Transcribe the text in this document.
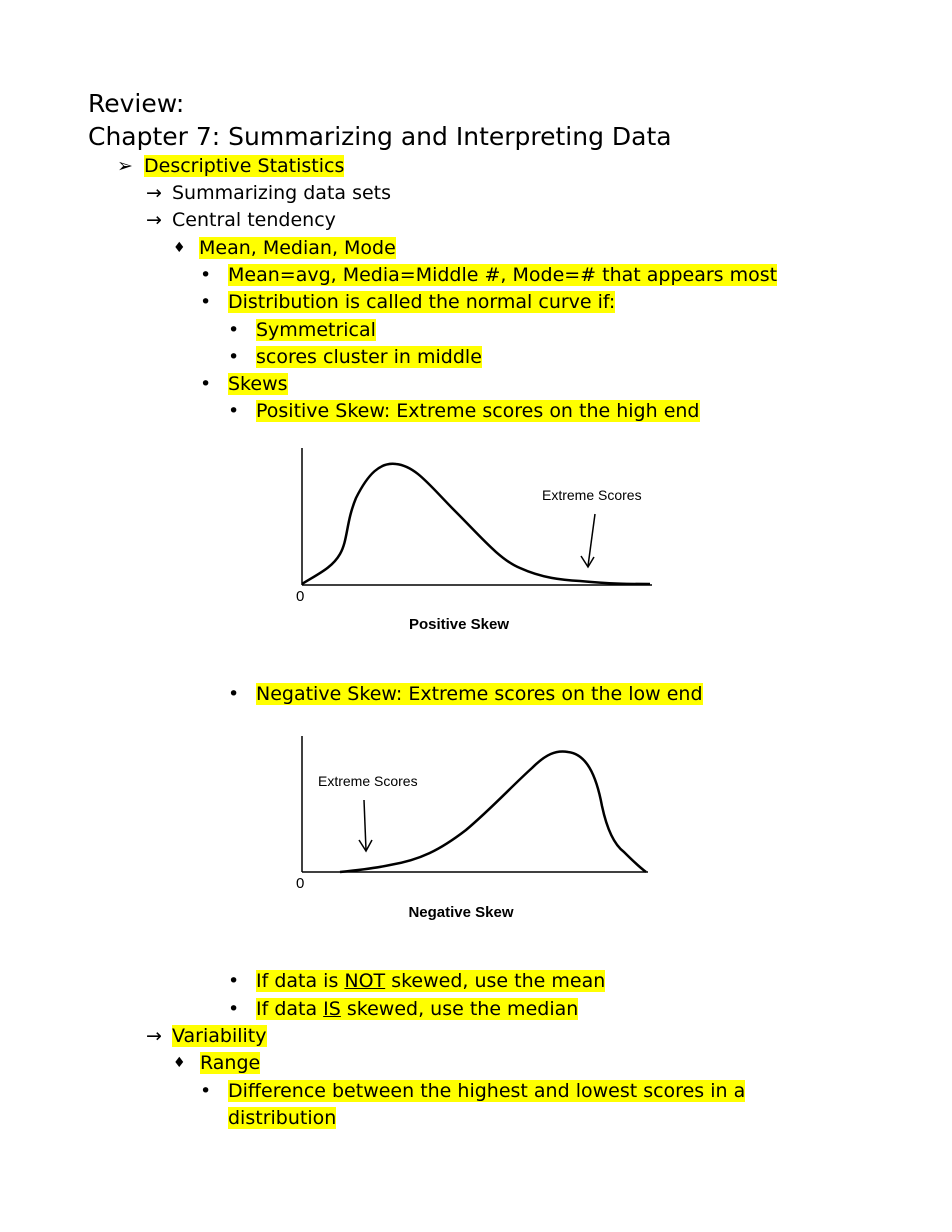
Review:
Chapter 7: Summarizing and Interpreting Data
➢ Descriptive Statistics
→ Summarizing data sets
→ Central tendency
♦ Mean, Median, Mode
• Mean=avg, Media=Middle #, Mode=# that appears most
• Distribution is called the normal curve if:
• Symmetrical
• scores cluster in middle
• Skews
• Positive Skew: Extreme scores on the high end
Extreme Scores
0
Positive Skew
• Negative Skew: Extreme scores on the low end
Extreme Scores
0
Negative Skew
• If data is NOT skewed, use the mean
• If data IS skewed, use the median
→ Variability
♦ Range
• Difference between the highest and lowest scores in a
distribution
